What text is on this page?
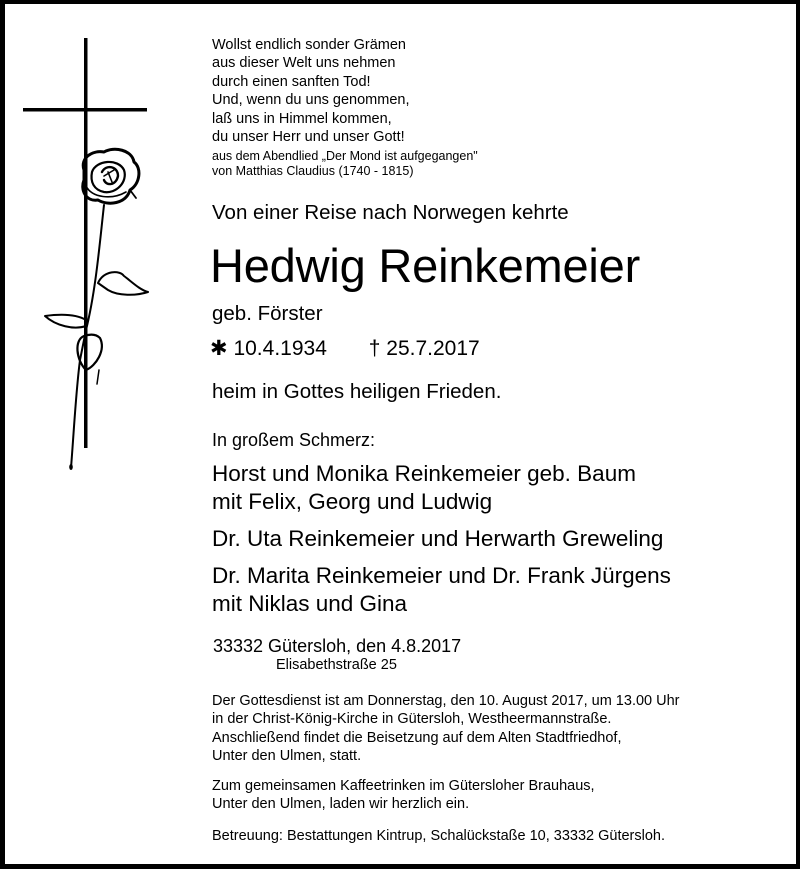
Wollst endlich sonder Grämen
aus dieser Welt uns nehmen
durch einen sanften Tod!
Und, wenn du uns genommen,
laß uns in Himmel kommen,
du unser Herr und unser Gott!
aus dem Abendlied „Der Mond ist aufgegangen"
von Matthias Claudius (1740 - 1815)
Von einer Reise nach Norwegen kehrte
Hedwig Reinkemeier
geb. Förster
✱ 10.4.1934 † 25.7.2017
heim in Gottes heiligen Frieden.
In großem Schmerz:
Horst und Monika Reinkemeier geb. Baum
mit Felix, Georg und Ludwig
Dr. Uta Reinkemeier und Herwarth Greweling
Dr. Marita Reinkemeier und Dr. Frank Jürgens
mit Niklas und Gina
33332 Gütersloh, den 4.8.2017
Elisabethstraße 25
Der Gottesdienst ist am Donnerstag, den 10. August 2017, um 13.00 Uhr
in der Christ-König-Kirche in Gütersloh, Westheermannstraße.
Anschließend findet die Beisetzung auf dem Alten Stadtfriedhof,
Unter den Ulmen, statt.
Zum gemeinsamen Kaffeetrinken im Güterslоher Brauhaus,
Unter den Ulmen, laden wir herzlich ein.
Betreuung: Bestattungen Kintrup, Schalückstaße 10, 33332 Gütersloh.
